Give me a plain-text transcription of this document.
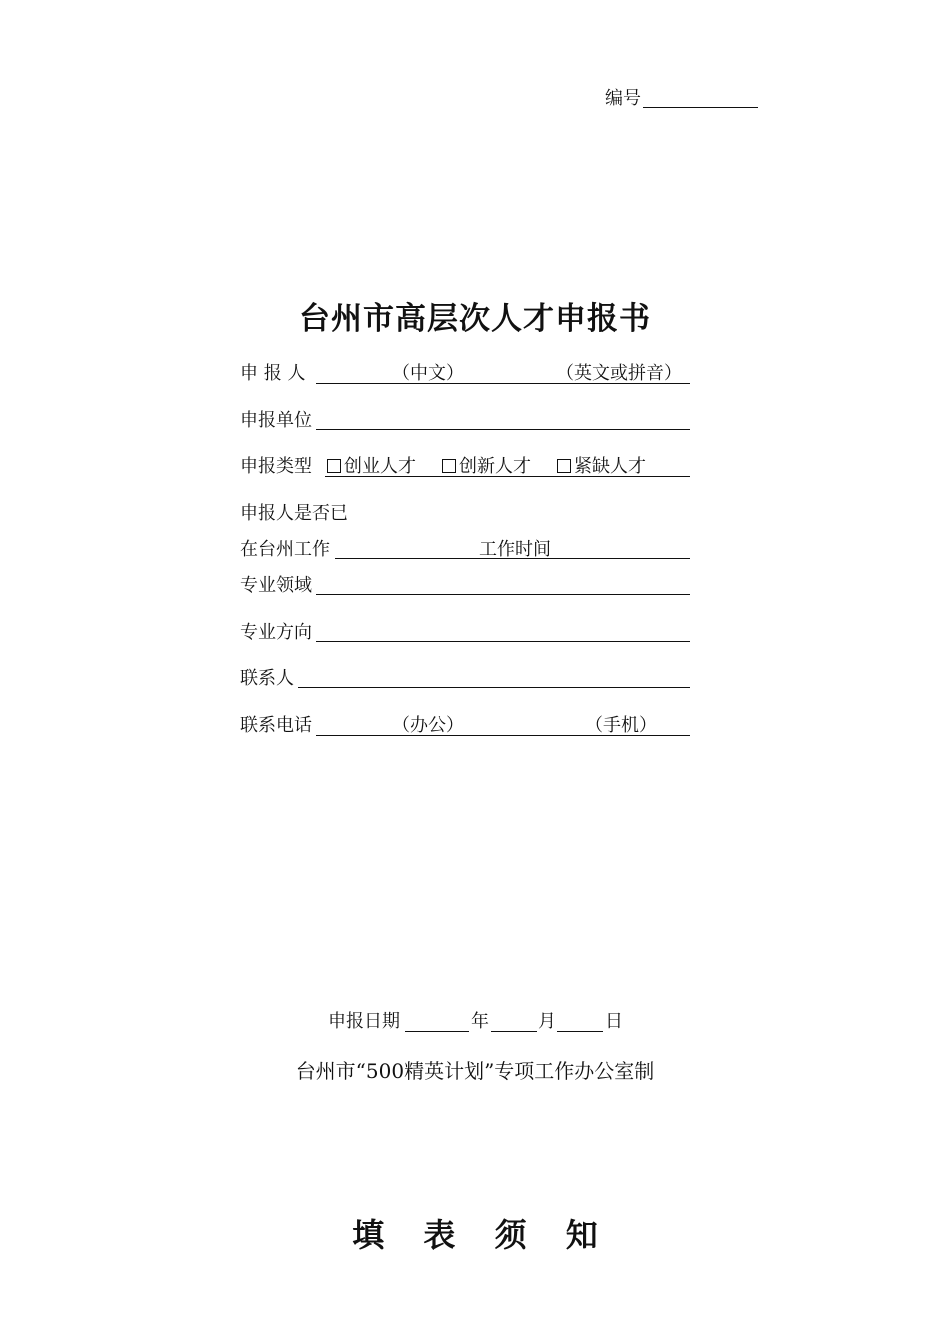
编号
台州市高层次人才申报书
申 报 人	（中文）	（英文或拼音）
申报单位
申报类型	创业人才	创新人才	紧缺人才
申报人是否已
在台州工作	工作时间
专业领域
专业方向
联系人
联系电话	（办公）	（手机）
申报日期	年	月	日
台州市“500精英计划”专项工作办公室制
填 表 须 知
